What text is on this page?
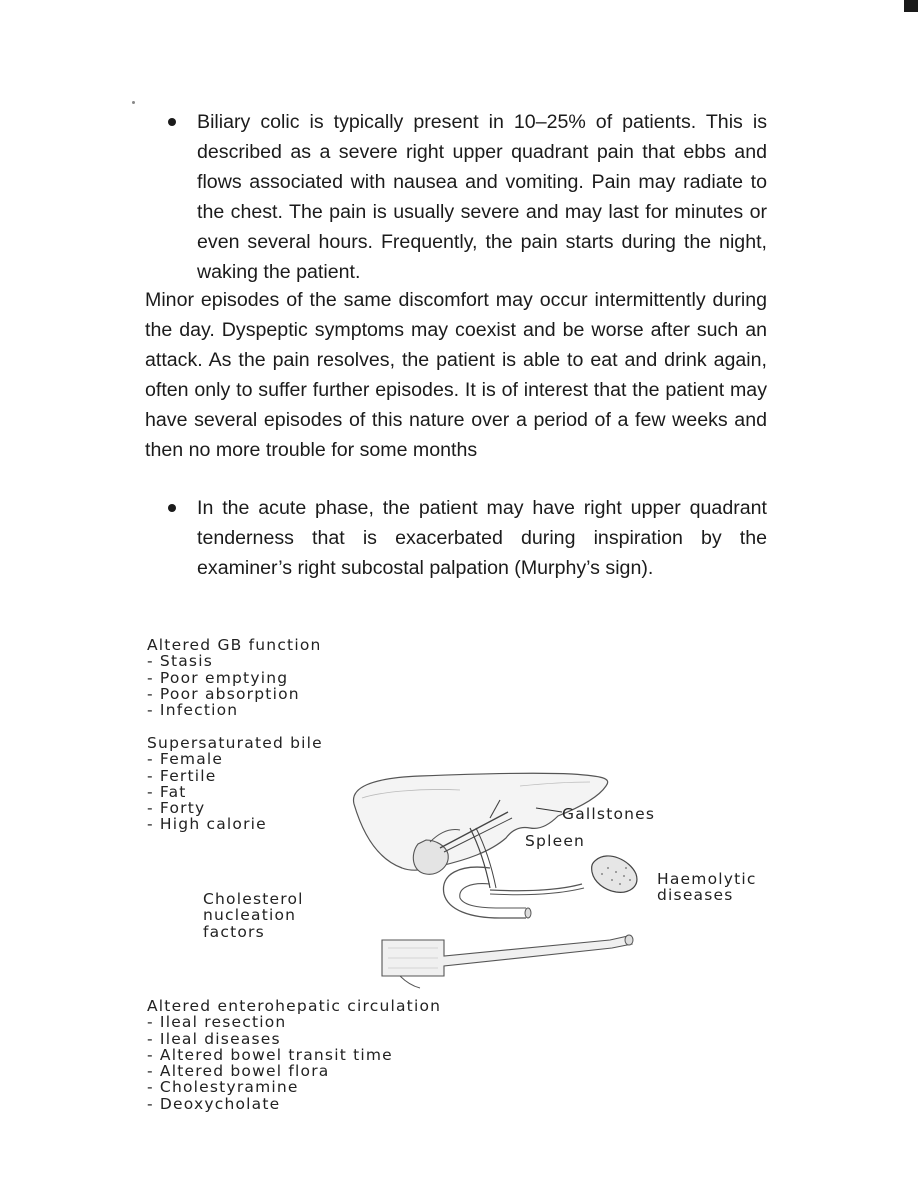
Biliary colic is typically present in 10–25% of patients. This is described as a severe right upper quadrant pain that ebbs and flows associated with nausea and vomiting. Pain may radiate to the chest. The pain is usually severe and may last for minutes or even several hours. Frequently, the pain starts during the night, waking the patient.
Minor episodes of the same discomfort may occur intermittently during the day. Dyspeptic symptoms may coexist and be worse after such an attack. As the pain resolves, the patient is able to eat and drink again, often only to suffer further episodes. It is of interest that the patient may have several episodes of this nature over a period of a few weeks and then no more trouble for some months
In the acute phase, the patient may have right upper quadrant tenderness that is exacerbated during inspiration by the examiner’s right subcostal palpation (Murphy’s sign).
Altered GB function
- Stasis
- Poor emptying
- Poor absorption
- Infection
Supersaturated bile
- Female
- Fertile
- Fat
- Forty
- High calorie
Cholesterol
nucleation
factors
Gallstones
Spleen
Haemolytic
diseases
Altered enterohepatic circulation
- Ileal resection
- Ileal diseases
- Altered bowel transit time
- Altered bowel flora
- Cholestyramine
- Deoxycholate
